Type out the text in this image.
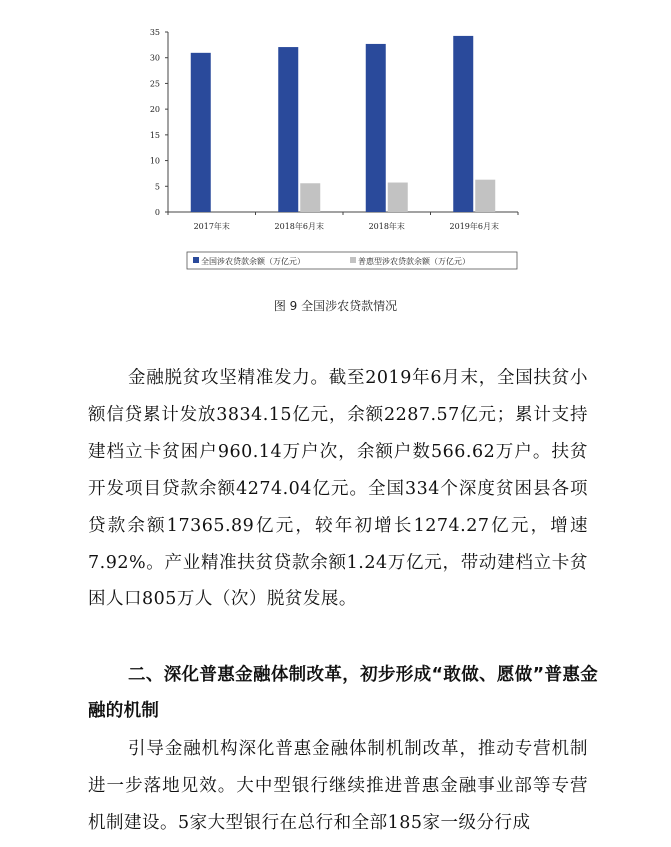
0
5
10
15
20
25
30
35
2017年末	2018年6月末	2018年末	2019年6月末
全国涉农贷款余额（万亿元）	普惠型涉农贷款余额（万亿元）
图 9 全国涉农贷款情况

金融脱贫攻坚精准发力。截至2019年6月末，全国扶贫小额信贷累计发放3834.15亿元，余额2287.57亿元；累计支持建档立卡贫困户960.14万户次，余额户数566.62万户。扶贫开发项目贷款余额4274.04亿元。全国334个深度贫困县各项贷款余额17365.89亿元，较年初增长1274.27亿元，增速7.92%。产业精准扶贫贷款余额1.24万亿元，带动建档立卡贫困人口805万人（次）脱贫发展。

二、深化普惠金融体制改革，初步形成“敢做、愿做”普惠金融的机制

引导金融机构深化普惠金融体制机制改革，推动专营机制进一步落地见效。大中型银行继续推进普惠金融事业部等专营机制建设。5家大型银行在总行和全部185家一级分行成
